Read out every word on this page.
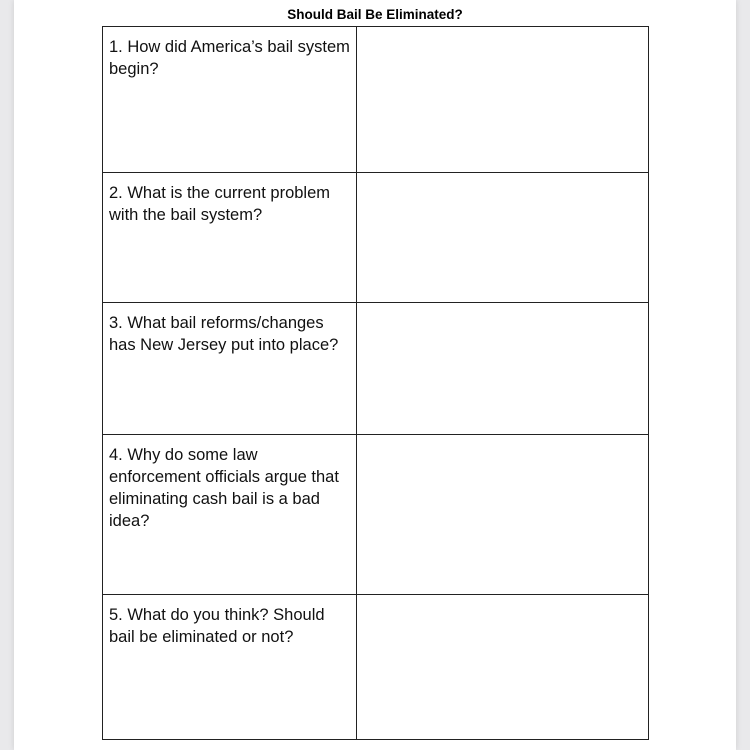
Should Bail Be Eliminated?
1. How did America’s bail system begin?	

2. What is the current problem with the bail system?	

3. What bail reforms/changes has New Jersey put into place?	

4. Why do some law enforcement officials argue that eliminating cash bail is a bad idea?	

5. What do you think? Should bail be eliminated or not?	
